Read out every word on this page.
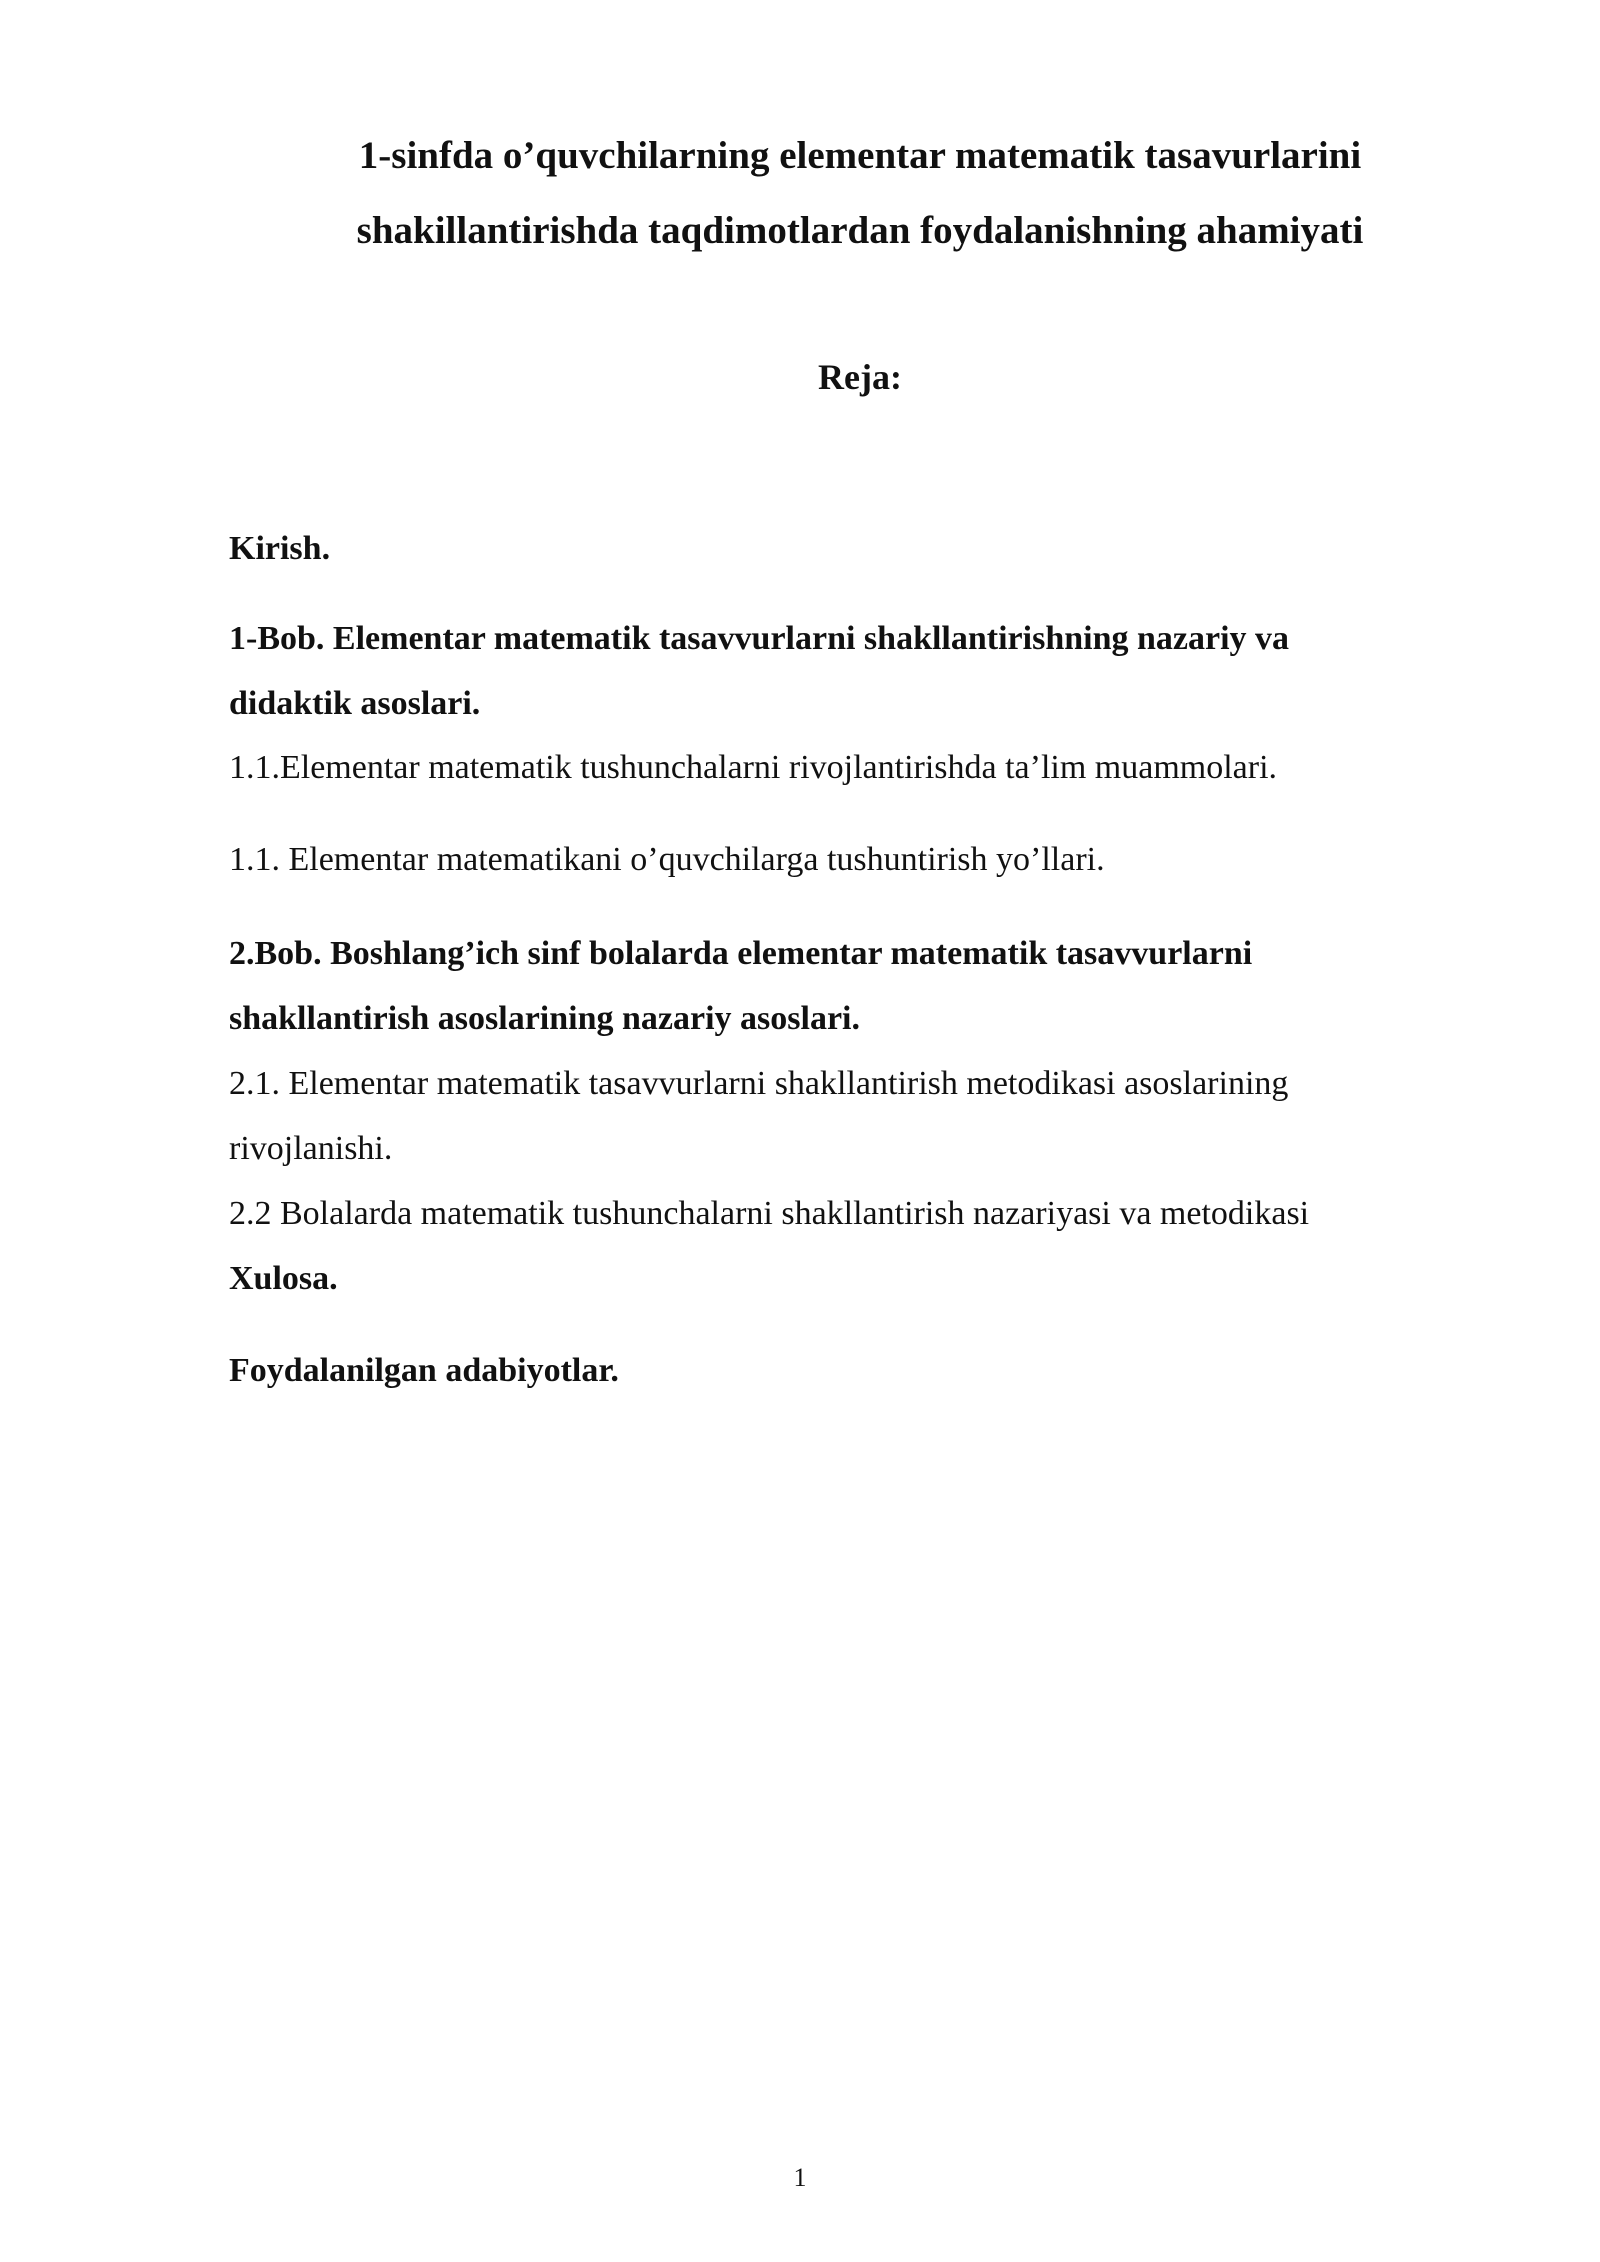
1-sinfda o’quvchilarning elementar matematik tasavurlarini
shakillantirishda taqdimotlardan foydalanishning ahamiyati
Reja:

Kirish.

1-Bob. Elementar matematik tasavvurlarni shakllantirishning nazariy va

didaktik asoslari.

1.1.Elementar matematik tushunchalarni rivojlantirishda ta’lim muammolari.

1.1. Elementar matematikani o’quvchilarga tushuntirish yo’llari.

2.Bob. Boshlang’ich sinf bolalarda elementar matematik tasavvurlarni

shakllantirish asoslarining nazariy asoslari.

2.1. Elementar matematik tasavvurlarni shakllantirish metodikasi asoslarining

rivojlanishi.

2.2 Bolalarda matematik tushunchalarni shakllantirish nazariyasi va metodikasi

Xulosa.

Foydalanilgan adabiyotlar.

1
